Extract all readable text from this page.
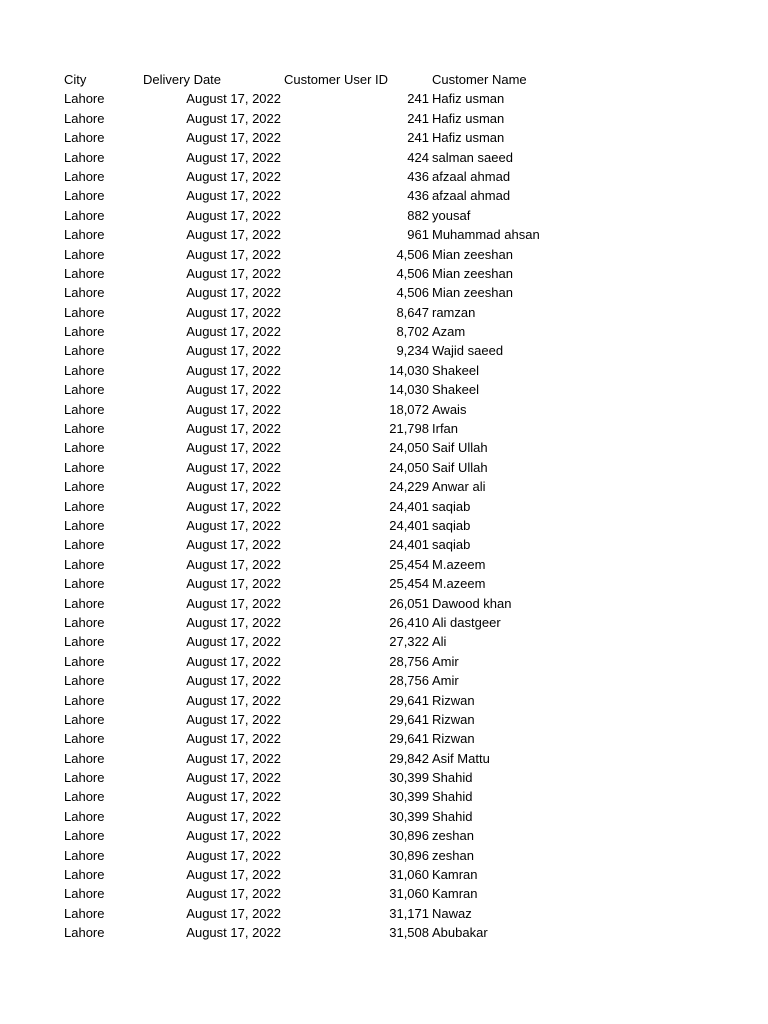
City	Delivery Date	Customer User ID	Customer Name
Lahore	August 17, 2022	241 Hafiz usman
Lahore	August 17, 2022	241 Hafiz usman
Lahore	August 17, 2022	241 Hafiz usman
Lahore	August 17, 2022	424 salman saeed
Lahore	August 17, 2022	436 afzaal ahmad
Lahore	August 17, 2022	436 afzaal ahmad
Lahore	August 17, 2022	882 yousaf
Lahore	August 17, 2022	961 Muhammad ahsan
Lahore	August 17, 2022	4,506 Mian zeeshan
Lahore	August 17, 2022	4,506 Mian zeeshan
Lahore	August 17, 2022	4,506 Mian zeeshan
Lahore	August 17, 2022	8,647 ramzan
Lahore	August 17, 2022	8,702 Azam
Lahore	August 17, 2022	9,234 Wajid saeed
Lahore	August 17, 2022	14,030 Shakeel
Lahore	August 17, 2022	14,030 Shakeel
Lahore	August 17, 2022	18,072 Awais
Lahore	August 17, 2022	21,798 Irfan
Lahore	August 17, 2022	24,050 Saif Ullah
Lahore	August 17, 2022	24,050 Saif Ullah
Lahore	August 17, 2022	24,229 Anwar ali
Lahore	August 17, 2022	24,401 saqiab
Lahore	August 17, 2022	24,401 saqiab
Lahore	August 17, 2022	24,401 saqiab
Lahore	August 17, 2022	25,454 M.azeem
Lahore	August 17, 2022	25,454 M.azeem
Lahore	August 17, 2022	26,051 Dawood khan
Lahore	August 17, 2022	26,410 Ali dastgeer
Lahore	August 17, 2022	27,322 Ali
Lahore	August 17, 2022	28,756 Amir
Lahore	August 17, 2022	28,756 Amir
Lahore	August 17, 2022	29,641 Rizwan
Lahore	August 17, 2022	29,641 Rizwan
Lahore	August 17, 2022	29,641 Rizwan
Lahore	August 17, 2022	29,842 Asif Mattu
Lahore	August 17, 2022	30,399 Shahid
Lahore	August 17, 2022	30,399 Shahid
Lahore	August 17, 2022	30,399 Shahid
Lahore	August 17, 2022	30,896 zeshan
Lahore	August 17, 2022	30,896 zeshan
Lahore	August 17, 2022	31,060 Kamran
Lahore	August 17, 2022	31,060 Kamran
Lahore	August 17, 2022	31,171 Nawaz
Lahore	August 17, 2022	31,508 Abubakar
